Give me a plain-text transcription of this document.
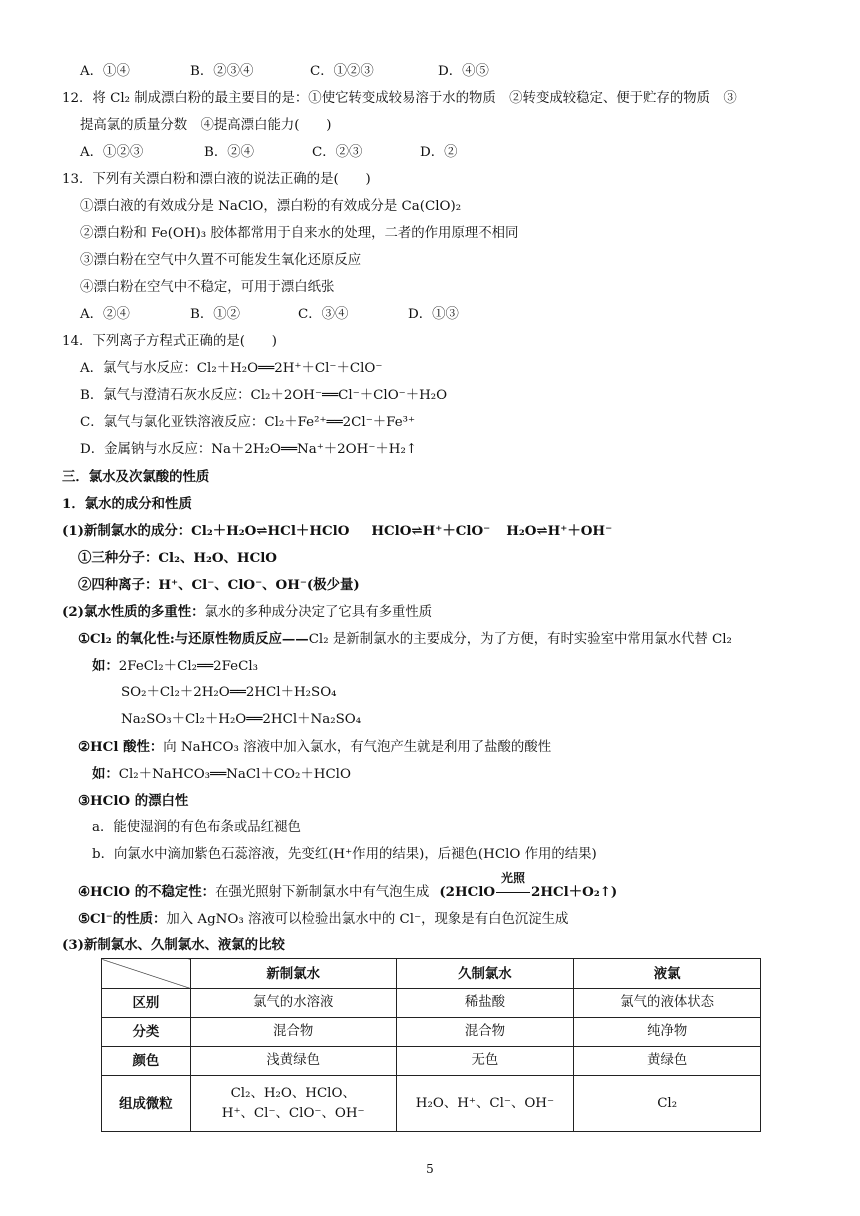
A．①④	B．②③④	C．①②③	D．④⑤
12．将 Cl₂ 制成漂白粉的最主要目的是：①使它转变成较易溶于水的物质　②转变成较稳定、便于贮存的物质　③
提高氯的质量分数　④提高漂白能力(　　)
A．①②③	B．②④	C．②③	D．②
13．下列有关漂白粉和漂白液的说法正确的是(　　)
①漂白液的有效成分是 NaClO，漂白粉的有效成分是 Ca(ClO)₂
②漂白粉和 Fe(OH)₃ 胶体都常用于自来水的处理，二者的作用原理不相同
③漂白粉在空气中久置不可能发生氧化还原反应
④漂白粉在空气中不稳定，可用于漂白纸张
A．②④	B．①②	C．③④	D．①③
14．下列离子方程式正确的是(　　)
A．氯气与水反应：Cl₂＋H₂O══2H⁺＋Cl⁻＋ClO⁻
B．氯气与澄清石灰水反应：Cl₂＋2OH⁻══Cl⁻＋ClO⁻＋H₂O
C．氯气与氯化亚铁溶液反应：Cl₂＋Fe²⁺══2Cl⁻＋Fe³⁺
D．金属钠与水反应：Na＋2H₂O══Na⁺＋2OH⁻＋H₂↑
三．氯水及次氯酸的性质
1．氯水的成分和性质
(1)新制氯水的成分：Cl₂＋H₂O⇌HCl＋HClO HClO⇌H⁺＋ClO⁻ H₂O⇌H⁺＋OH⁻
①三种分子：Cl₂、H₂O、HClO
②四种离子：H⁺、Cl⁻、ClO⁻、OH⁻(极少量)
(2)氯水性质的多重性：氯水的多种成分决定了它具有多重性质
①Cl₂ 的氧化性:与还原性物质反应——Cl₂ 是新制氯水的主要成分，为了方便，有时实验室中常用氯水代替 Cl₂
如：2FeCl₂＋Cl₂══2FeCl₃
SO₂＋Cl₂＋2H₂O══2HCl＋H₂SO₄
Na₂SO₃＋Cl₂＋H₂O══2HCl＋Na₂SO₄
②HCl 酸性：向 NaHCO₃ 溶液中加入氯水，有气泡产生就是利用了盐酸的酸性
如：Cl₂＋NaHCO₃══NaCl＋CO₂＋HClO
③HClO 的漂白性
a．能使湿润的有色布条或品红褪色
b．向氯水中滴加紫色石蕊溶液，先变红(H⁺作用的结果)，后褪色(HClO 作用的结果)
④HClO 的不稳定性：在强光照射下新制氯水中有气泡生成 (2HClO
光照
2HCl＋O₂↑)
⑤Cl⁻的性质：加入 AgNO₃ 溶液可以检验出氯水中的 Cl⁻，现象是有白色沉淀生成
(3)新制氯水、久制氯水、液氯的比较
	新制氯水	久制氯水	液氯
区别	氯气的水溶液	稀盐酸	氯气的液体状态
分类	混合物	混合物	纯净物
颜色	浅黄绿色	无色	黄绿色
组成微粒	Cl₂、H₂O、HClO、
H⁺、Cl⁻、ClO⁻、OH⁻	H₂O、H⁺、Cl⁻、OH⁻	Cl₂
5
